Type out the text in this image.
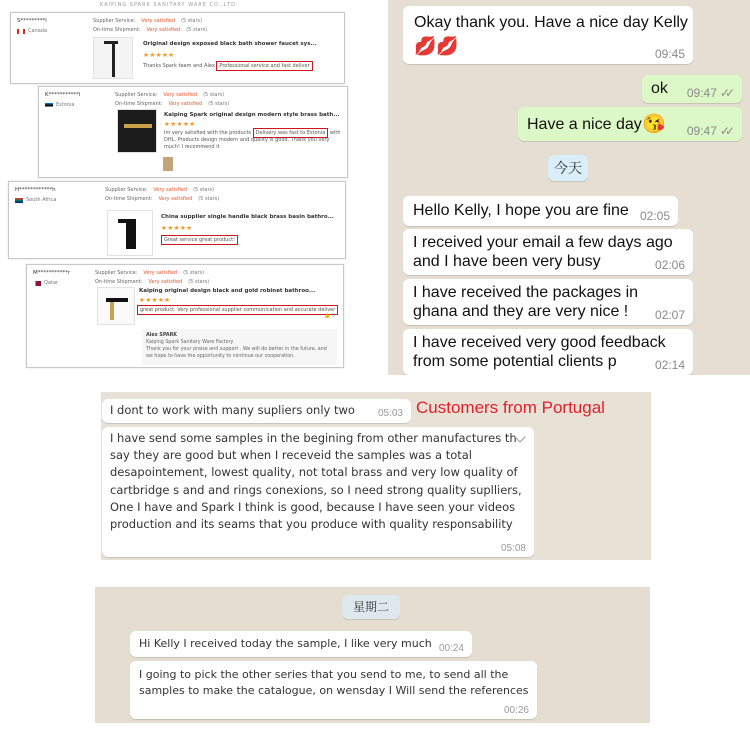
KAIPING SPARK SANITARY WARE CO.,LTD
S*********l
Canada
Supplier Service: Very satisfied (5 stars)
On-time Shipment: Very satisfied (5 stars)
Original design exposed black bath shower faucet sys...
★★★★★
Thanks Spark team and Alex Professional service and fast deliver
K***********l
Estonia
Supplier Service: Very satisfied (5 stars)
On-time Shipment: Very satisfied (5 stars)
Kaiping Spark original design modern style brass bath...
★★★★★
Im very satisfied with the products Delivery was fast to Estonia with DHL. Products design modern and quality is good. Thank you very much! I recommend it
H************h
South Africa
Supplier Service: Very satisfied (5 stars)
On-time Shipment: Very satisfied (5 stars)
China supplier single handle black brass basin bathro...
★★★★★
Great service great product!
M***********r
Qatar
Supplier Service: Very satisfied (5 stars)
On-time Shipment: Very satisfied (5 stars)
Kaiping original design black and gold robinet bathroo...
★★★★★
great product. Very professional supplier communication and accurate deliver
👍 0
Alex SPARK
Kaiping Spark Sanitary Ware Factory
Thank you for your praise and support . We will do better in the future, and we hope to have the opportunity to continue our cooperation.
Okay thank you. Have a nice day Kelly
💋💋	09:45
ok 09:47 ✓✓
Have a nice day 😘 09:47 ✓✓
今天
Hello Kelly, I hope you are fine 02:05
I received your email a few days ago
and I have been very busy	02:06
I have received the packages in
ghana and they are very nice !	02:07
I have received very good feedback
from some potential clients p	02:14
I dont to work with many supliers only two 05:03
I have send some samples in the begining from other manufactures th
say they are good but when I receveid the samples was a total
desapointement, lowest quality, not total brass and very low quality of
cartbridge s and and rings conexions, so I need strong quality suplliers,
One I have and Spark I think is good, because I have seen your videos
production and its seams that you produce with quality responsability
05:08
Customers from Portugal
星期二
Hi Kelly I received today the sample, I like very much 00:24
I going to pick the other series that you send to me, to send all the
samples to make the catalogue, on wensday I Will send the references
00:26
